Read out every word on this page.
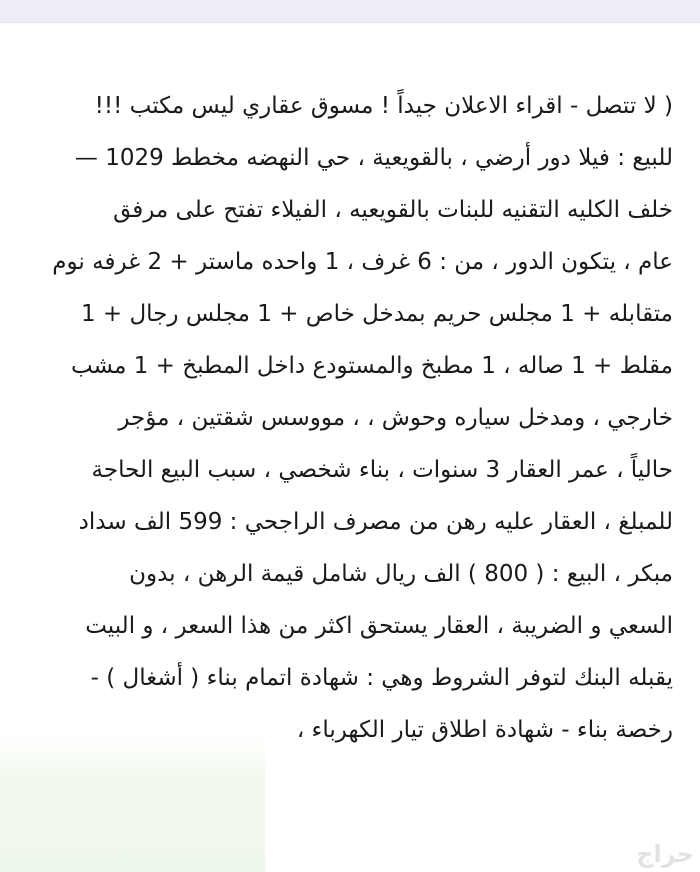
( لا تتصل - اقراء الاعلان جيداً ! مسوق عقاري ليس مكتب !!!
للبيع : فيلا دور أرضي ، بالقويعية ، حي النهضه مخطط 1029 —
خلف الكليه التقنيه للبنات بالقويعيه ، الفيلاء تفتح على مرفق
عام ، يتكون الدور ، من : 6 غرف ، 1 واحده ماستر + 2 غرفه نوم
متقابله + 1 مجلس حريم بمدخل خاص + 1 مجلس رجال + 1
مقلط + 1 صاله ، 1 مطبخ والمستودع داخل المطبخ + 1 مشب
خارجي ، ومدخل سياره وحوش ، ، مووسس شقتين ، مؤجر
حالياً ، عمر العقار 3 سنوات ، بناء شخصي ، سبب البيع الحاجة
للمبلغ ، العقار عليه رهن من مصرف الراجحي : 599 الف سداد
مبكر ، البيع : ( 800 ) الف ريال شامل قيمة الرهن ، بدون
السعي و الضريبة ، العقار يستحق اكثر من هذا السعر ، و البيت
يقبله البنك لتوفر الشروط وهي : شهادة اتمام بناء ( أشغال ) -
رخصة بناء - شهادة اطلاق تيار الكهرباء ،
حراج
